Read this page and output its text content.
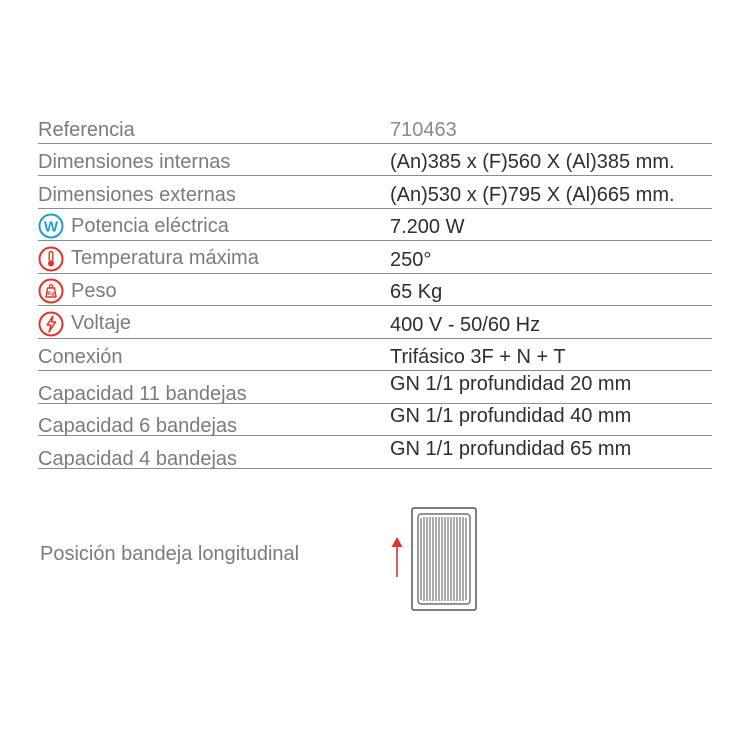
Referencia	710463
Dimensiones internas	(An)385 x (F)560 X (Al)385 mm.
Dimensiones externas	(An)530 x (F)795 X (Al)665 mm.
W Potencia eléctrica	7.200 W
Temperatura máxima	250°
Kg Peso	65 Kg
Voltaje	400 V - 50/60 Hz
Conexión	Trifásico 3F + N + T
Capacidad 11 bandejas	GN 1/1 profundidad 20 mm
Capacidad 6 bandejas	GN 1/1 profundidad 40 mm
Capacidad 4 bandejas	GN 1/1 profundidad 65 mm
Posición bandeja longitudinal
